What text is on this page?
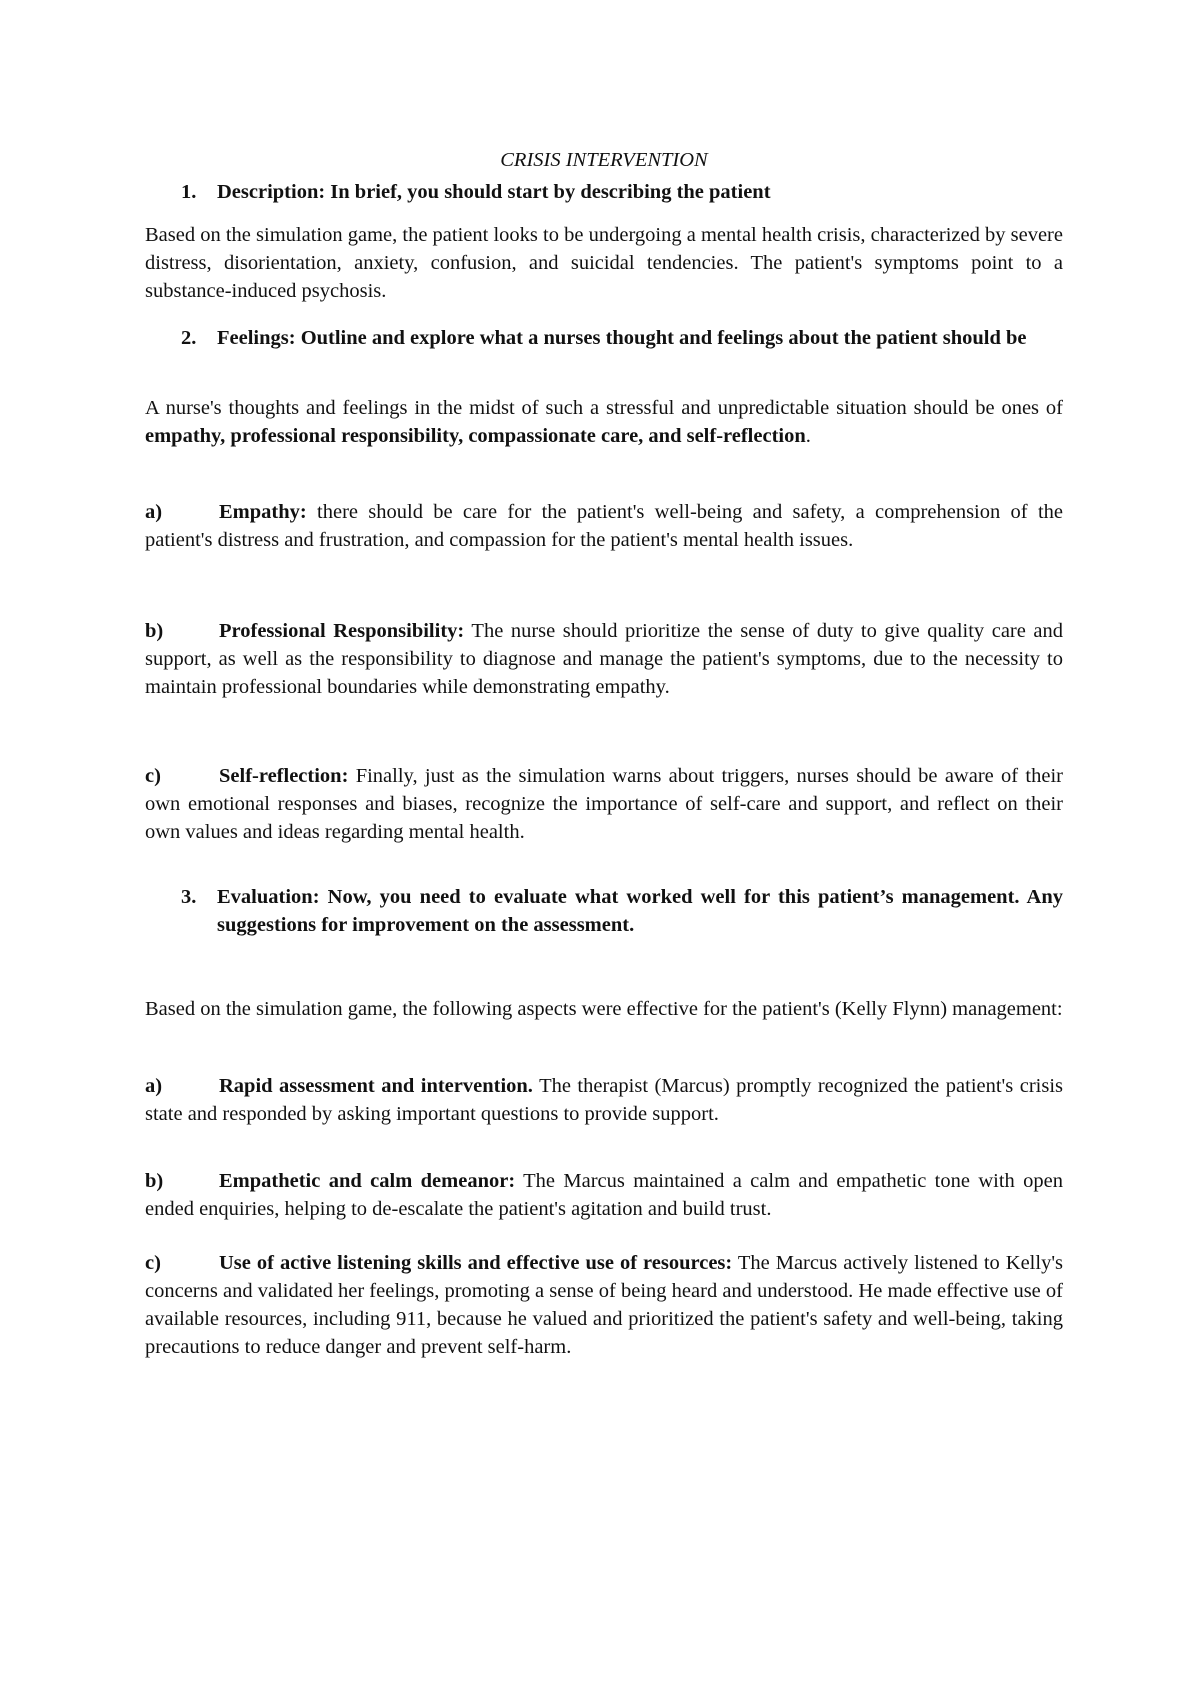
CRISIS INTERVENTION

1.	Description: In brief, you should start by describing the patient

Based on the simulation game, the patient looks to be undergoing a mental health crisis, characterized by severe distress, disorientation, anxiety, confusion, and suicidal tendencies. The patient's symptoms point to a substance-induced psychosis.

2.	Feelings: Outline and explore what a nurses thought and feelings about the patient should be

A nurse's thoughts and feelings in the midst of such a stressful and unpredictable situation should be ones of empathy, professional responsibility, compassionate care, and self-reflection.

a)	Empathy: there should be care for the patient's well-being and safety, a comprehension of the patient's distress and frustration, and compassion for the patient's mental health issues.

b)	Professional Responsibility: The nurse should prioritize the sense of duty to give quality care and support, as well as the responsibility to diagnose and manage the patient's symptoms, due to the necessity to maintain professional boundaries while demonstrating empathy.

c)	Self-reflection: Finally, just as the simulation warns about triggers, nurses should be aware of their own emotional responses and biases, recognize the importance of self-care and support, and reflect on their own values and ideas regarding mental health.

3.	Evaluation: Now, you need to evaluate what worked well for this patient’s management. Any suggestions for improvement on the assessment.

Based on the simulation game, the following aspects were effective for the patient's (Kelly Flynn) management:

a)	Rapid assessment and intervention. The therapist (Marcus) promptly recognized the patient's crisis state and responded by asking important questions to provide support.

b)	Empathetic and calm demeanor: The Marcus maintained a calm and empathetic tone with open ended enquiries, helping to de-escalate the patient's agitation and build trust.

c)	Use of active listening skills and effective use of resources: The Marcus actively listened to Kelly's concerns and validated her feelings, promoting a sense of being heard and understood. He made effective use of available resources, including 911, because he valued and prioritized the patient's safety and well-being, taking precautions to reduce danger and prevent self-harm.
